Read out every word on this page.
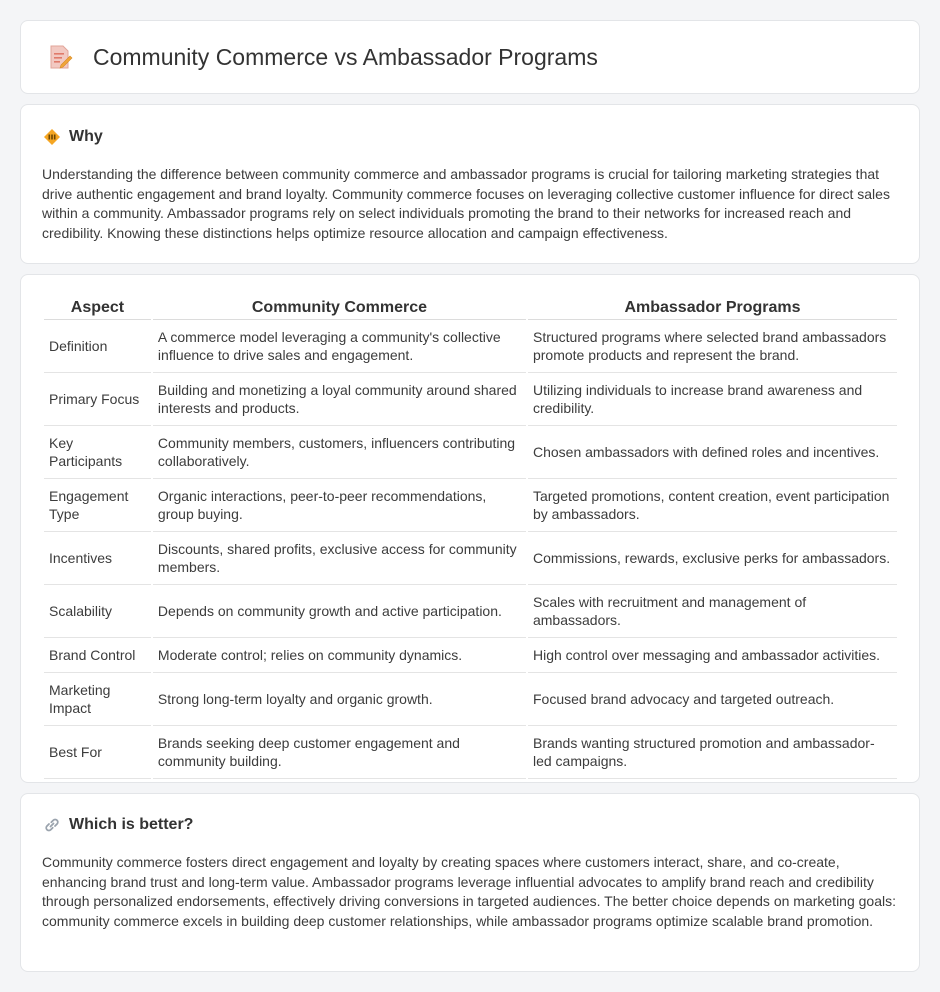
Community Commerce vs Ambassador Programs
Why

Understanding the difference between community commerce and ambassador programs is crucial for tailoring marketing strategies that drive authentic engagement and brand loyalty. Community commerce focuses on leveraging collective customer influence for direct sales within a community. Ambassador programs rely on select individuals promoting the brand to their networks for increased reach and credibility. Knowing these distinctions helps optimize resource allocation and campaign effectiveness.

Aspect	Community Commerce	Ambassador Programs
Definition	A commerce model leveraging a community's collective influence to drive sales and engagement.	Structured programs where selected brand ambassadors promote products and represent the brand.
Primary Focus	Building and monetizing a loyal community around shared interests and products.	Utilizing individuals to increase brand awareness and credibility.
Key Participants	Community members, customers, influencers contributing collaboratively.	Chosen ambassadors with defined roles and incentives.
Engagement Type	Organic interactions, peer-to-peer recommendations, group buying.	Targeted promotions, content creation, event participation by ambassadors.
Incentives	Discounts, shared profits, exclusive access for community members.	Commissions, rewards, exclusive perks for ambassadors.
Scalability	Depends on community growth and active participation.	Scales with recruitment and management of ambassadors.
Brand Control	Moderate control; relies on community dynamics.	High control over messaging and ambassador activities.
Marketing Impact	Strong long-term loyalty and organic growth.	Focused brand advocacy and targeted outreach.
Best For	Brands seeking deep customer engagement and community building.	Brands wanting structured promotion and ambassador-led campaigns.
Which is better?

Community commerce fosters direct engagement and loyalty by creating spaces where customers interact, share, and co-create, enhancing brand trust and long-term value. Ambassador programs leverage influential advocates to amplify brand reach and credibility through personalized endorsements, effectively driving conversions in targeted audiences. The better choice depends on marketing goals: community commerce excels in building deep customer relationships, while ambassador programs optimize scalable brand promotion.
